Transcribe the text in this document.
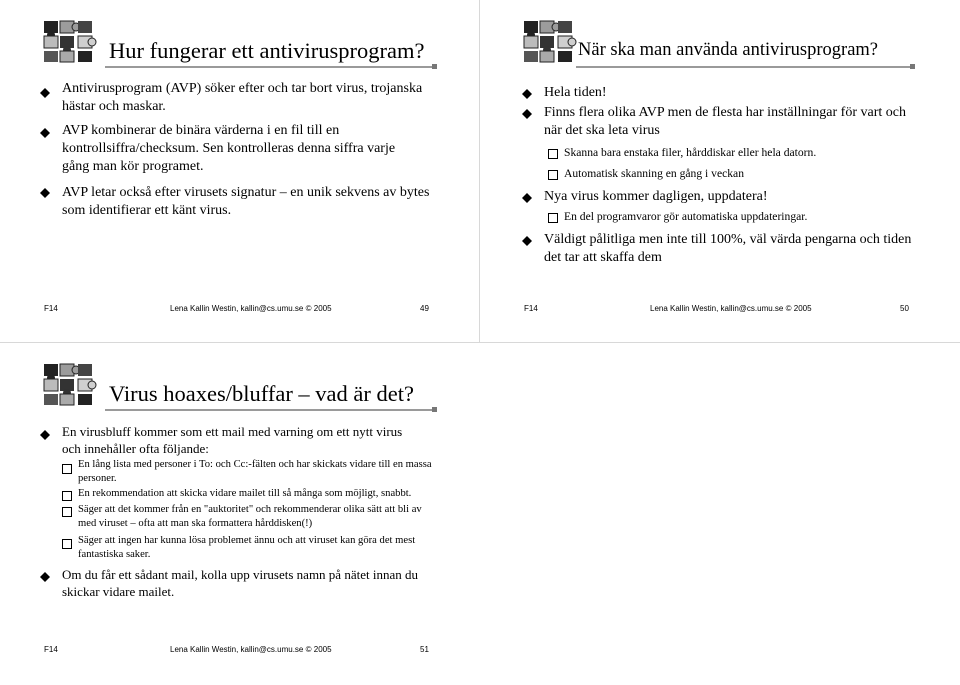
Hur fungerar ett antivirusprogram?
Antivirusprogram (AVP) söker efter och tar bort virus, trojanska hästar och maskar.
AVP kombinerar de binära värderna i en fil till en kontrollsiffra/checksum. Sen kontrolleras denna siffra varje gång man kör programet.
AVP letar också efter virusets signatur – en unik sekvens av bytes som identifierar ett känt virus.
F14	Lena Kallin Westin, kallin@cs.umu.se © 2005	49
När ska man använda antivirusprogram?
Hela tiden!
Finns flera olika AVP men de flesta har inställningar för vart och när det ska leta virus
Skanna bara enstaka filer, hårddiskar eller hela datorn.
Automatisk skanning en gång i veckan
Nya virus kommer dagligen, uppdatera!
En del programvaror gör automatiska uppdateringar.
Väldigt pålitliga men inte till 100%, väl värda pengarna och tiden det tar att skaffa dem
F14	Lena Kallin Westin, kallin@cs.umu.se © 2005	50
Virus hoaxes/bluffar – vad är det?
En virusbluff kommer som ett mail med varning om ett nytt virus och innehåller ofta följande:
En lång lista med personer i To: och Cc:-fälten och har skickats vidare till en massa personer.
En rekommendation att skicka vidare mailet till så många som möjligt, snabbt.
Säger att det kommer från en "auktoritet" och rekommenderar olika sätt att bli av med viruset – ofta att man ska formattera hårddisken(!)
Säger att ingen har kunna lösa problemet ännu och att viruset kan göra det mest fantastiska saker.
Om du får ett sådant mail, kolla upp virusets namn på nätet innan du skickar vidare mailet.
F14	Lena Kallin Westin, kallin@cs.umu.se © 2005	51
